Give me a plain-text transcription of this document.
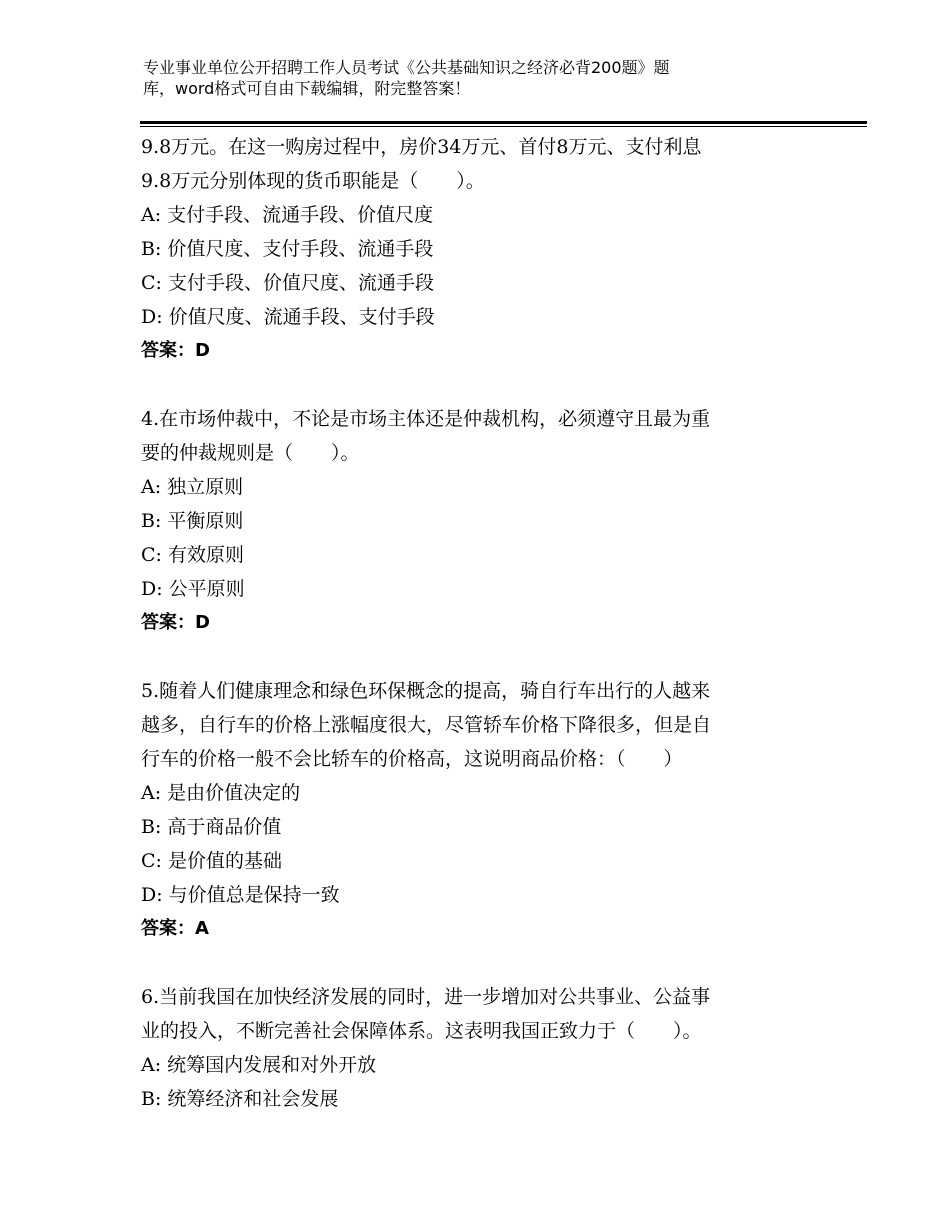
专业事业单位公开招聘工作人员考试《公共基础知识之经济必背200题》题
库，word格式可自由下载编辑，附完整答案！
9.8万元。在这一购房过程中，房价34万元、首付8万元、支付利息
9.8万元分别体现的货币职能是（　　）。
A: 支付手段、流通手段、价值尺度
B: 价值尺度、支付手段、流通手段
C: 支付手段、价值尺度、流通手段
D: 价值尺度、流通手段、支付手段
答案：D
4.在市场仲裁中，不论是市场主体还是仲裁机构，必须遵守且最为重
要的仲裁规则是（　　）。
A: 独立原则
B: 平衡原则
C: 有效原则
D: 公平原则
答案：D
5.随着人们健康理念和绿色环保概念的提高，骑自行车出行的人越来
越多，自行车的价格上涨幅度很大，尽管轿车价格下降很多，但是自
行车的价格一般不会比轿车的价格高，这说明商品价格：（　　）
A: 是由价值决定的
B: 高于商品价值
C: 是价值的基础
D: 与价值总是保持一致
答案：A
6.当前我国在加快经济发展的同时，进一步增加对公共事业、公益事
业的投入，不断完善社会保障体系。这表明我国正致力于（　　）。
A: 统筹国内发展和对外开放
B: 统筹经济和社会发展
